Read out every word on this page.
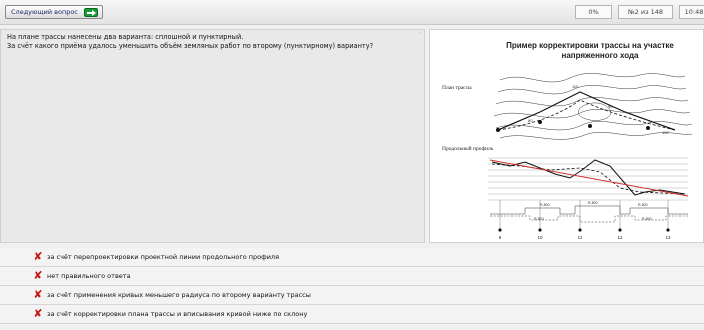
Следующий вопрос	0%	№2 из 148	10:48
На плане трассы нанесены два варианта: сплошной и пунктирный.
За счёт какого приёма удалось уменьшить объём земляных работ по второму (пунктирному) варианту?
◦
Пример корректировки трассы на участке
напряженного хода
План трассы	110
100
90
80
Продольный профиль
R-800
R-800
R-800	R-800
R-800
9	10	11	12	13
✘ за счёт перепроектировки проектной линии продольного профиля
✘ нет правильного ответа
✘ за счёт применения кривых меньшего радиуса по второму варианту трассы
✘ за счёт корректировки плана трассы и вписывания кривой ниже по склону
